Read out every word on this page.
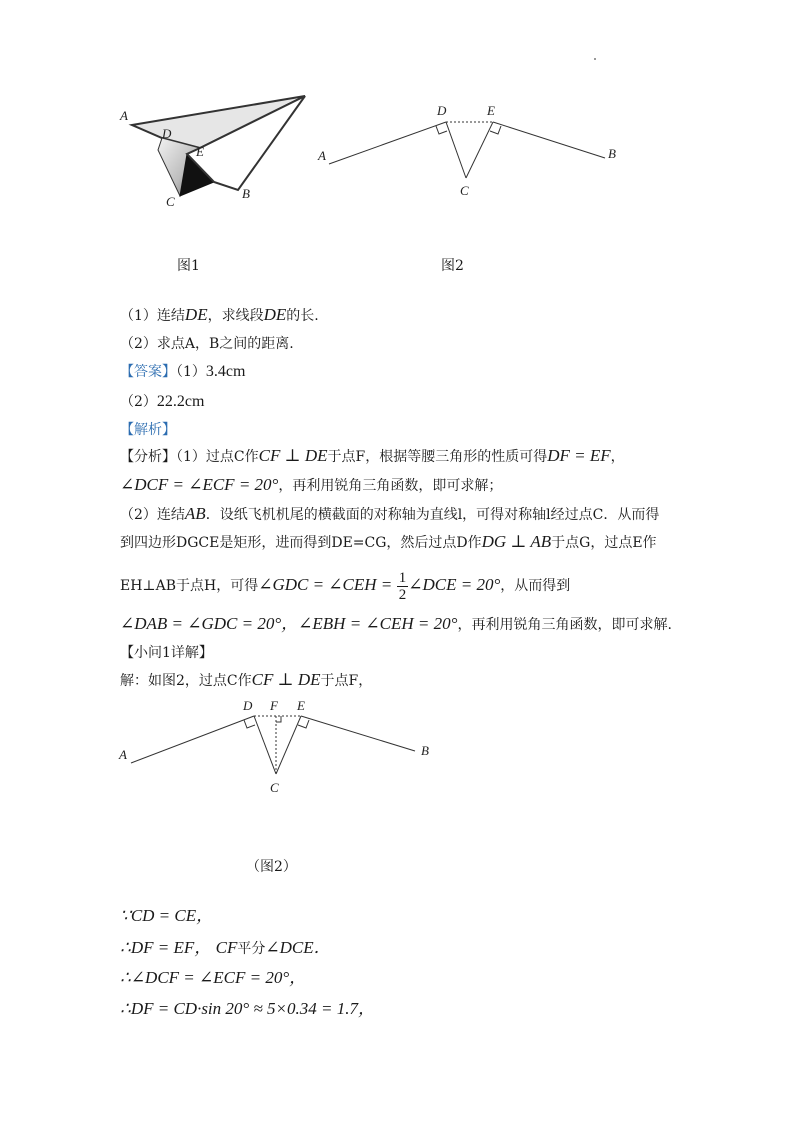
A
D
E
C
B
图1
A
D	E
C
B
图2
（1）连结DE，求线段DE的长.
（2）求点A，B之间的距离.
【答案】（1）3.4cm
（2）22.2cm
【解析】
【分析】（1）过点C作CF ⊥ DE于点F，根据等腰三角形的性质可得DF = EF，
∠DCF = ∠ECF = 20°，再利用锐角三角函数，即可求解；
（2）连结AB．设纸飞机机尾的横截面的对称轴为直线l，可得对称轴l经过点C．从而得
到四边形DGCE是矩形，进而得到DE=CG，然后过点D作DG ⊥ AB于点G，过点E作
EH⊥AB于点H，可得∠GDC = ∠CEH = $\frac{1}{2}$ ∠DCE = 20°，从而得到
∠DAB = ∠GDC = 20°，∠EBH = ∠CEH = 20°，再利用锐角三角函数，即可求解.
【小问1详解】
解：如图2，过点C作CF ⊥ DE于点F，
A
D F E
C
B
（图2）
∵CD = CE，
∴DF = EF， CF平分∠DCE．
∴∠DCF = ∠ECF = 20°，
∴DF = CD·sin 20° ≈ 5×0.34 = 1.7，
